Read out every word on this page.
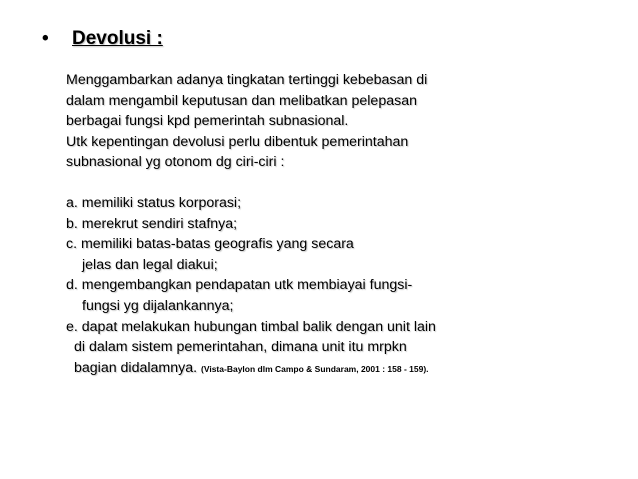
• Devolusi :
Menggambarkan adanya tingkatan tertinggi kebebasan di
dalam mengambil keputusan dan melibatkan pelepasan
berbagai fungsi kpd pemerintah subnasional.
Utk kepentingan devolusi perlu dibentuk pemerintahan
subnasional yg otonom dg ciri-ciri :
a. memiliki status korporasi;
b. merekrut sendiri stafnya;
c. memiliki batas-batas geografis yang secara
jelas dan legal diakui;
d. mengembangkan pendapatan utk membiayai fungsi-
fungsi yg dijalankannya;
e. dapat melakukan hubungan timbal balik dengan unit lain
di dalam sistem pemerintahan, dimana unit itu mrpkn
bagian didalamnya. (Vista-Baylon dlm Campo & Sundaram, 2001 : 158 - 159).
